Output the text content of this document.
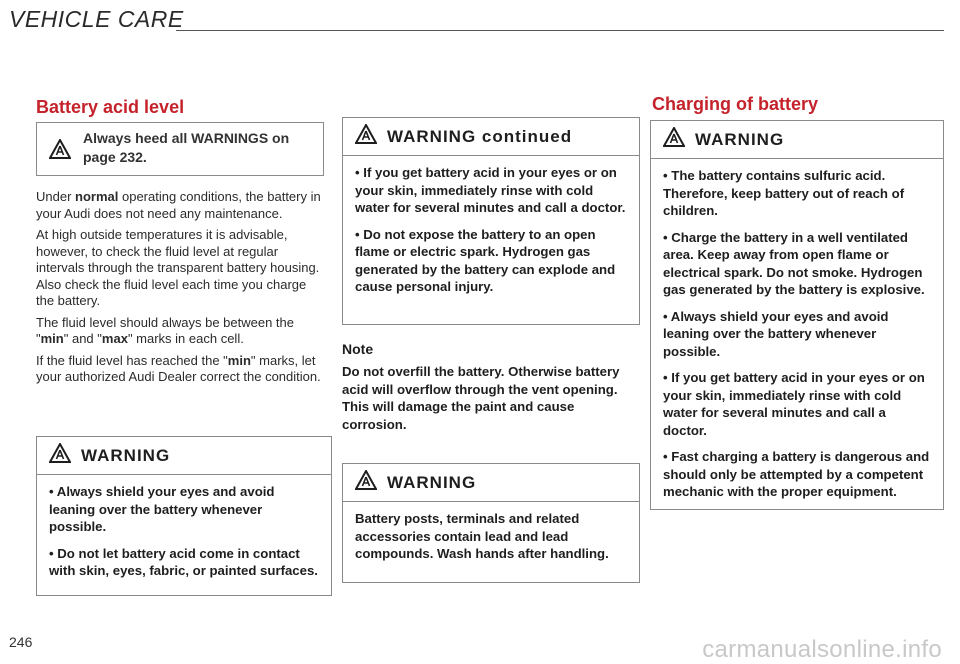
VEHICLE CARE
Battery acid level
Always heed all WARNINGS on page 232.

Under normal operating conditions, the battery in your Audi does not need any maintenance.

At high outside temperatures it is advisable, however, to check the fluid level at regular intervals through the transparent battery housing. Also check the fluid level each time you charge the battery.

The fluid level should always be between the "min" and "max" marks in each cell.

If the fluid level has reached the "min" marks, let your authorized Audi Dealer correct the condition.

WARNING

• Always shield your eyes and avoid leaning over the battery whenever possible.

• Do not let battery acid come in contact with skin, eyes, fabric, or painted surfaces.

246
WARNING continued

• If you get battery acid in your eyes or on your skin, immediately rinse with cold water for several minutes and call a doctor.

• Do not expose the battery to an open flame or electric spark. Hydrogen gas generated by the battery can explode and cause personal injury.

Note
Do not overfill the battery. Otherwise battery acid will overflow through the vent opening. This will damage the paint and cause corrosion.
WARNING

Battery posts, terminals and related accessories contain lead and lead compounds. Wash hands after handling.

Charging of battery
WARNING

• The battery contains sulfuric acid. Therefore, keep battery out of reach of children.

• Charge the battery in a well ventilated area. Keep away from open flame or electrical spark. Do not smoke. Hydrogen gas generated by the battery is explosive.

• Always shield your eyes and avoid leaning over the battery whenever possible.

• If you get battery acid in your eyes or on your skin, immediately rinse with cold water for several minutes and call a doctor.

• Fast charging a battery is dangerous and should only be attempted by a competent mechanic with the proper equipment.

carmanualsonline.info
